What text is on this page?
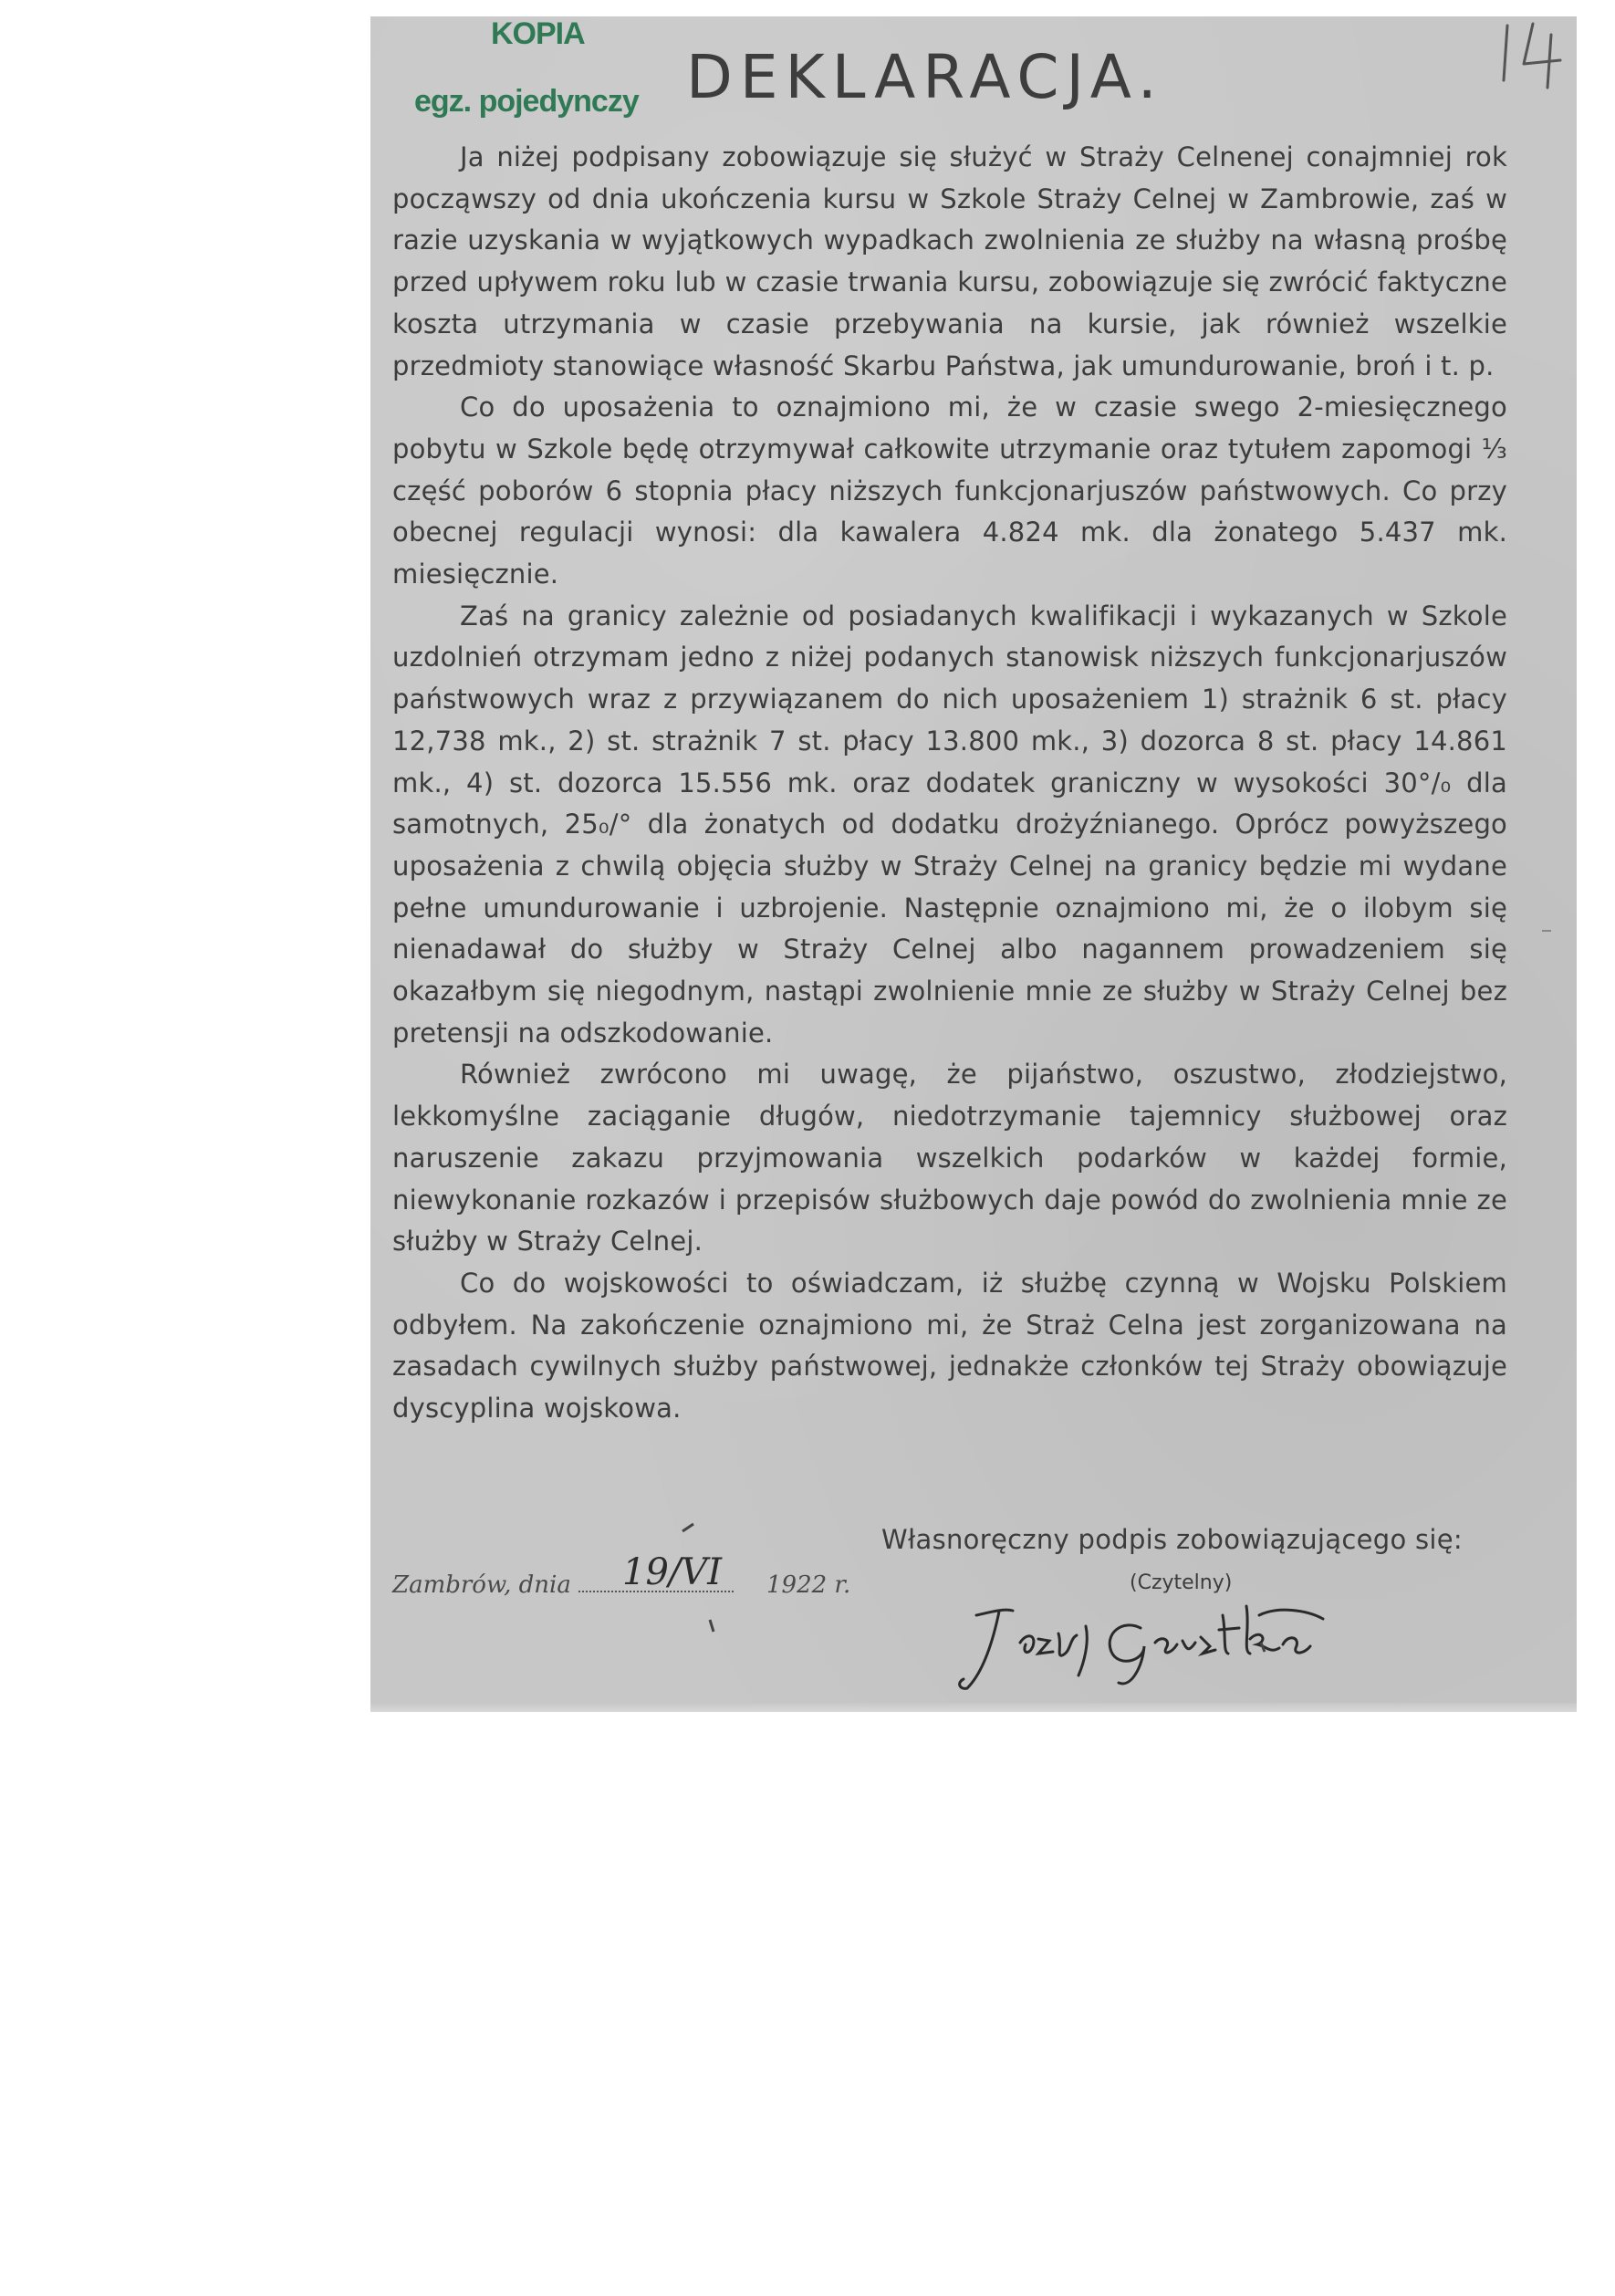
KOPIA
egz. pojedynczy DEKLARACJA.

Ja niżej podpisany zobowiązuje się służyć w Straży Celnenej conajmniej rok począwszy od dnia ukończenia kursu w Szkole Straży Celnej w Zambrowie, zaś w razie uzyskania w wyjątkowych wypadkach zwolnienia ze służby na własną prośbę przed upływem roku lub w czasie trwania kursu, zobowiązuje się zwrócić faktyczne koszta utrzymania w czasie przebywania na kursie, jak również wszelkie przedmioty stanowiące własność Skarbu Państwa, jak umundurowanie, broń i t. p.

Co do uposażenia to oznajmiono mi, że w czasie swego 2-miesięcznego pobytu w Szkole będę otrzymywał całkowite utrzymanie oraz tytułem zapomogi ⅓ część poborów 6 stopnia płacy niższych funkcjonarjuszów państwowych. Co przy obecnej regulacji wynosi: dla kawalera 4.824 mk. dla żonatego 5.437 mk. miesięcznie.

Zaś na granicy zależnie od posiadanych kwalifikacji i wykazanych w Szkole uzdolnień otrzymam jedno z niżej podanych stanowisk niższych funkcjonarjuszów państwowych wraz z przywiązanem do nich uposażeniem 1) strażnik 6 st. płacy 12,738 mk., 2) st. strażnik 7 st. płacy 13.800 mk., 3) dozorca 8 st. płacy 14.861 mk., 4) st. dozorca 15.556 mk. oraz dodatek graniczny w wysokości 30°/₀ dla samotnych, 25₀/° dla żonatych od dodatku drożyźnianego. Oprócz powyższego uposażenia z chwilą objęcia służby w Straży Celnej na granicy będzie mi wydane pełne umundurowanie i uzbrojenie. Następnie oznajmiono mi, że o ilobym się nienadawał do służby w Straży Celnej albo nagannem prowadzeniem się okazałbym się niegodnym, nastąpi zwolnienie mnie ze służby w Straży Celnej bez pretensji na odszkodowanie.

Również zwrócono mi uwagę, że pijaństwo, oszustwo, złodziejstwo, lekkomyślne zaciąganie długów, niedotrzymanie tajemnicy służbowej oraz naruszenie zakazu przyjmowania wszelkich podarków w każdej formie, niewykonanie rozkazów i przepisów służbowych daje powód do zwolnienia mnie ze służby w Straży Celnej.

Co do wojskowości to oświadczam, iż służbę czynną w Wojsku Polskiem odbyłem. Na zakończenie oznajmiono mi, że Straż Celna jest zorganizowana na zasadach cywilnych służby państwowej, jednakże członków tej Straży obowiązuje dyscyplina wojskowa.

Własnoręczny podpis zobowiązującego się:
(Czytelny)
Zambrów, dnia	19/VI 1922 r.
